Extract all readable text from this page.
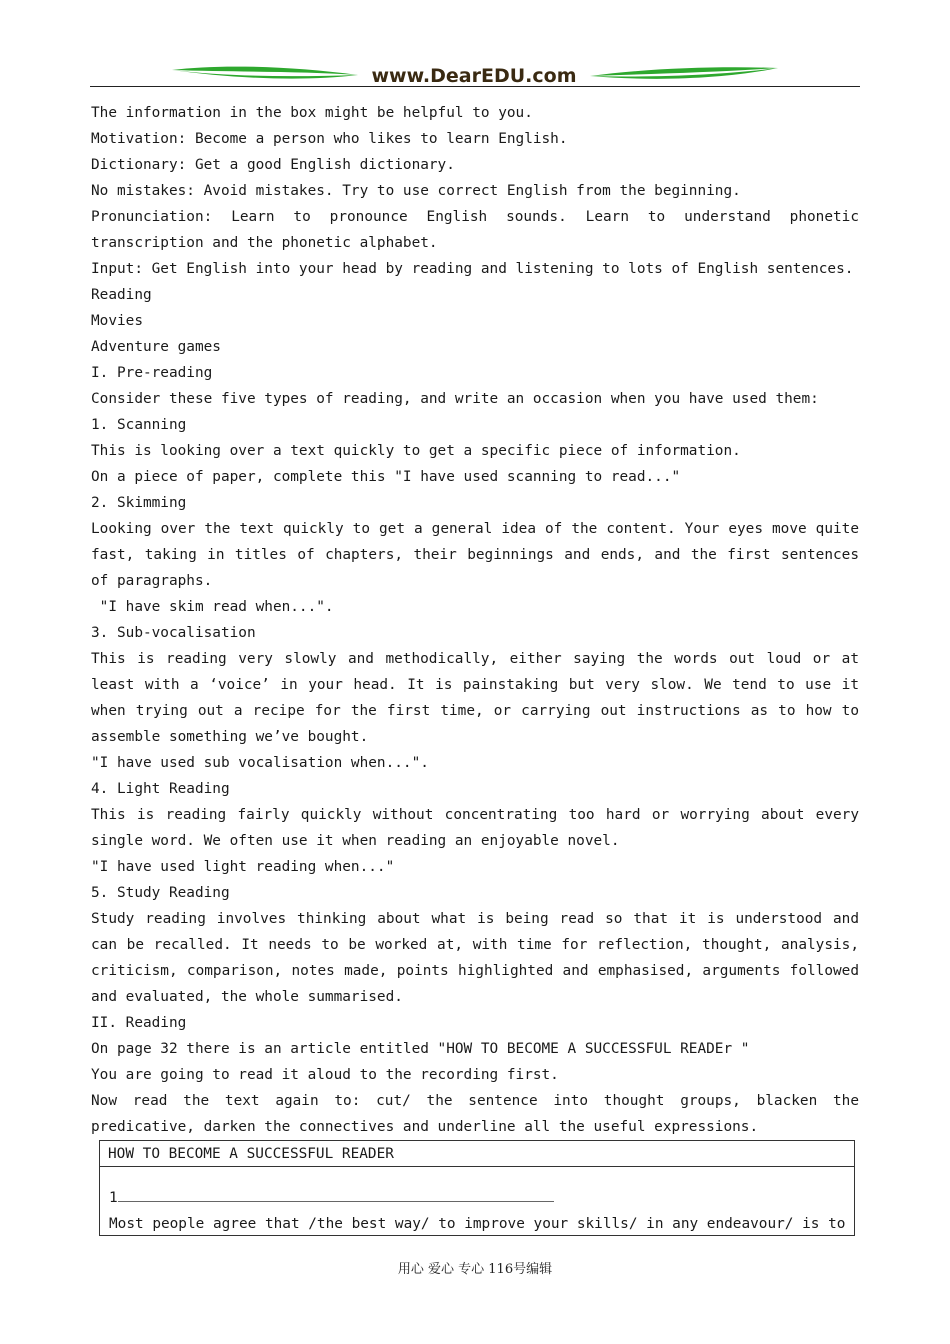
www.DearEDU.com

The information in the box might be helpful to you.

Motivation: Become a person who likes to learn English.

Dictionary: Get a good English dictionary.

No mistakes: Avoid mistakes. Try to use correct English from the beginning.

Pronunciation: Learn to pronounce English sounds. Learn to understand phonetic transcription and the phonetic alphabet.

Input: Get English into your head by reading and listening to lots of English sentences.

Reading

Movies

Adventure games

I. Pre-reading

Consider these five types of reading, and write an occasion when you have used them:

1. Scanning

This is looking over a text quickly to get a specific piece of information.

On a piece of paper, complete this "I have used scanning to read..."

2. Skimming

Looking over the text quickly to get a general idea of the content. Your eyes move quite fast, taking in titles of chapters, their beginnings and ends, and the first sentences of paragraphs.

"I have skim read when...".

3. Sub-vocalisation

This is reading very slowly and methodically, either saying the words out loud or at least with a ‘voice’ in your head. It is painstaking but very slow. We tend to use it when trying out a recipe for the first time, or carrying out instructions as to how to assemble something we’ve bought.

"I have used sub vocalisation when...".

4. Light Reading

This is reading fairly quickly without concentrating too hard or worrying about every single word. We often use it when reading an enjoyable novel.

"I have used light reading when..."

5. Study Reading

Study reading involves thinking about what is being read so that it is understood and can be recalled. It needs to be worked at, with time for reflection, thought, analysis, criticism, comparison, notes made, points highlighted and emphasised, arguments followed and evaluated, the whole summarised.

II. Reading

On page 32 there is an article entitled "HOW TO BECOME A SUCCESSFUL READEr "

You are going to read it aloud to the recording first.

Now read the text again to: cut/ the sentence into thought groups, blacken the predicative, darken the connectives and underline all the useful expressions.

HOW TO BECOME A SUCCESSFUL READER
1
Most people agree that /the best way/ to improve your skills/ in any endeavour/ is to
用心 爱心 专心 116号编辑
